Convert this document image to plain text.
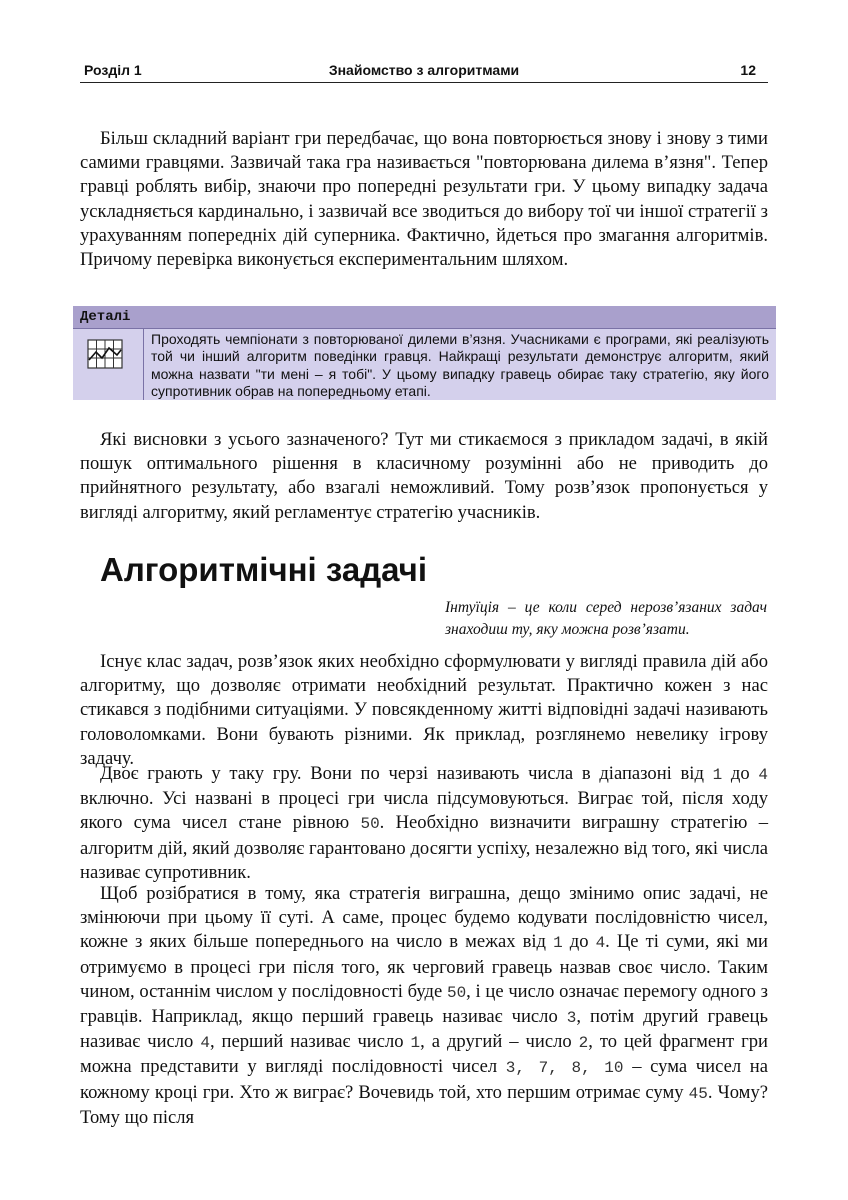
Розділ 1	Знайомство з алгоритмами	12

Більш складний варіант гри передбачає, що вона повторюється знову і знову з тими самими гравцями. Зазвичай така гра називається "повторювана дилема в’язня". Тепер гравці роблять вибір, знаючи про попередні результати гри. У цьому випадку задача ускладняється кардинально, і зазвичай все зводиться до вибору тої чи іншої стратегії з урахуванням попередніх дій суперника. Фактично, йдеться про змагання алгоритмів. Причому перевірка виконується експериментальним шляхом.

Деталі

Проходять чемпіонати з повторюваної дилеми в’язня. Учасниками є програми, які реалізують той чи інший алгоритм поведінки гравця. Найкращі результати демонструє алгоритм, який можна назвати "ти мені – я тобі". У цьому випадку гравець обирає таку стратегію, яку його супротивник обрав на попередньому етапі.

Які висновки з усього зазначеного? Тут ми стикаємося з прикладом задачі, в якій пошук оптимального рішення в класичному розумінні або не приводить до прийнятного результату, або взагалі неможливий. Тому розв’язок пропонується у вигляді алгоритму, який регламентує стратегію учасників.

Алгоритмічні задачі

Інтуїція – це коли серед нерозв’язаних задач знаходиш ту, яку можна розв’язати.

Існує клас задач, розв’язок яких необхідно сформулювати у вигляді правила дій або алгоритму, що дозволяє отримати необхідний результат. Практично кожен з нас стикався з подібними ситуаціями. У повсякденному житті відповідні задачі називають головоломками. Вони бувають різними. Як приклад, розглянемо невелику ігрову задачу.

Двоє грають у таку гру. Вони по черзі називають числа в діапазоні від 1 до 4 включно. Усі названі в процесі гри числа підсумовуються. Виграє той, після ходу якого сума чисел стане рівною 50. Необхідно визначити виграшну стратегію – алгоритм дій, який дозволяє гарантовано досягти успіху, незалежно від того, які числа називає супротивник.

Щоб розібратися в тому, яка стратегія виграшна, дещо змінимо опис задачі, не змінюючи при цьому її суті. А саме, процес будемо кодувати послідовністю чисел, кожне з яких більше попереднього на число в межах від 1 до 4. Це ті суми, які ми отримуємо в процесі гри після того, як черговий гравець назвав своє число. Таким чином, останнім числом у послідовності буде 50, і це число означає перемогу одного з гравців. Наприклад, якщо перший гравець називає число 3, потім другий гравець називає число 4, перший називає число 1, а другий – число 2, то цей фрагмент гри можна представити у вигляді послідовності чисел 3, 7, 8, 10 – сума чисел на кожному кроці гри. Хто ж виграє? Вочевидь той, хто першим отримає суму 45. Чому? Тому що після
